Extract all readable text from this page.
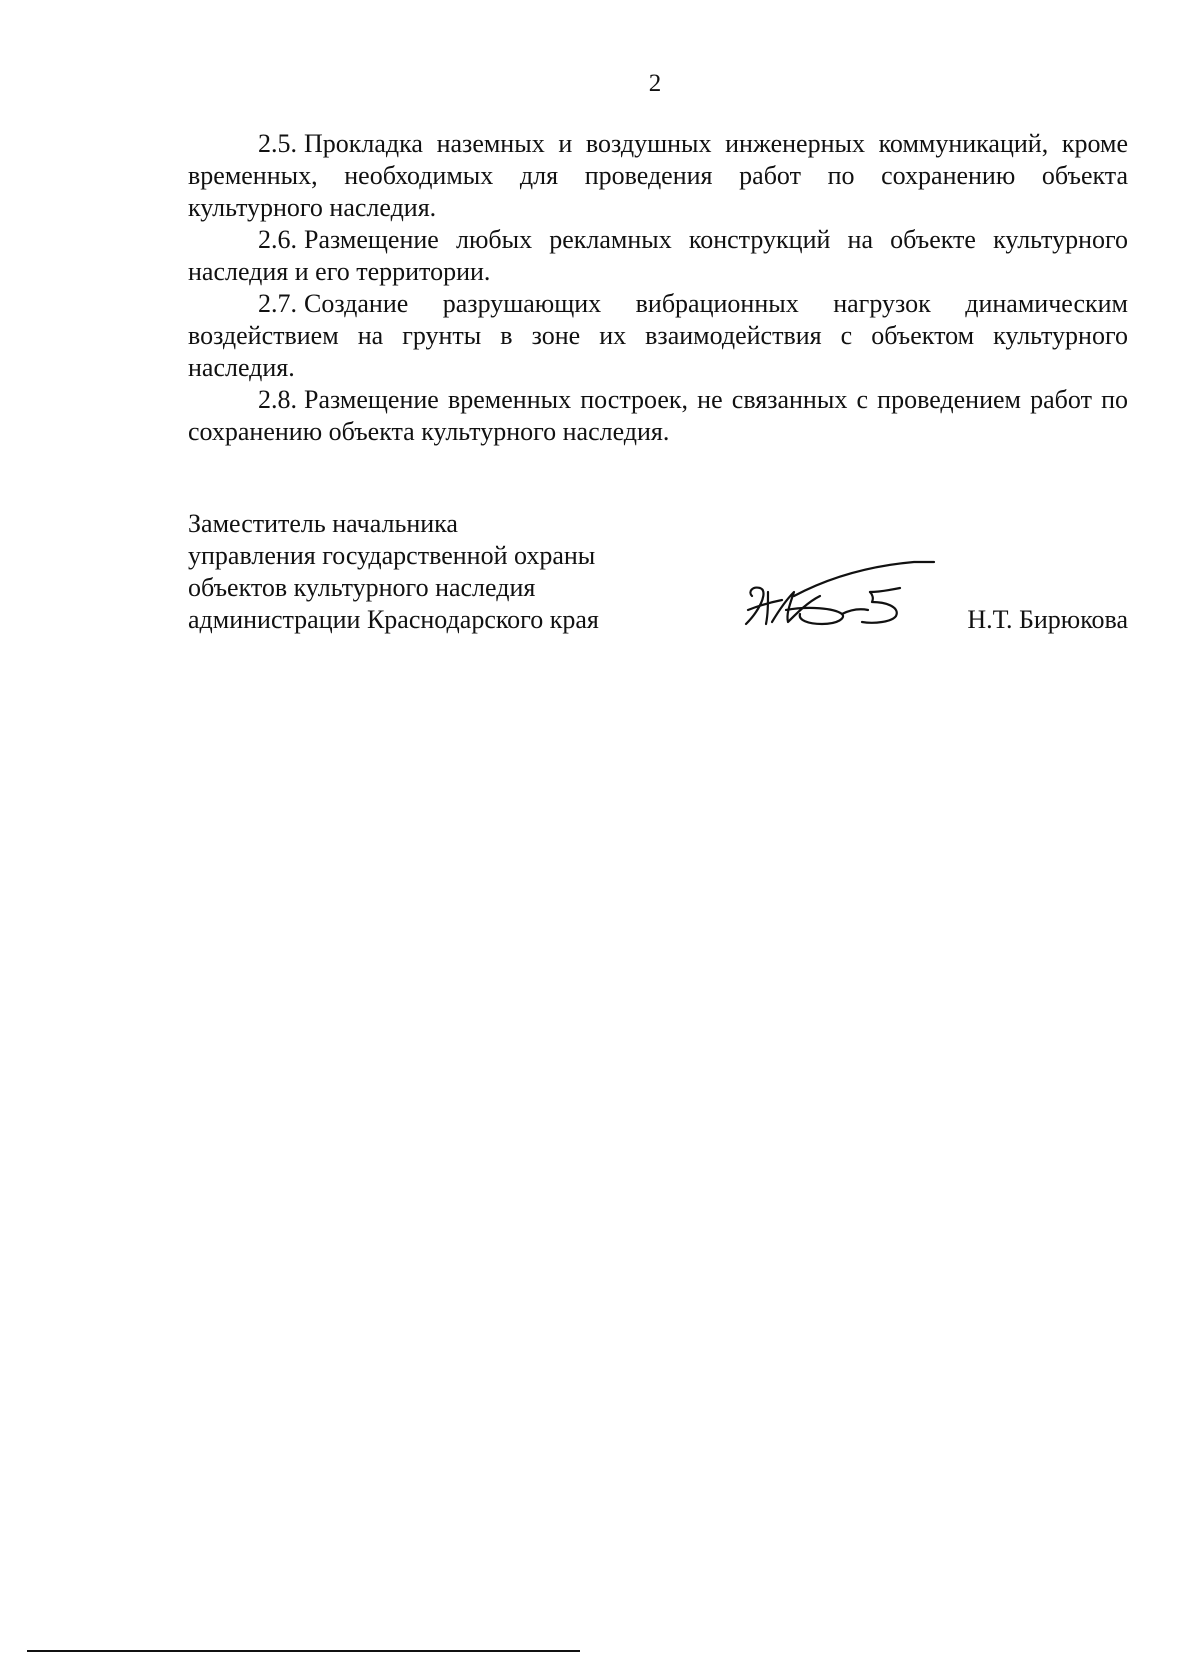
2

2.5. Прокладка наземных и воздушных инженерных коммуникаций, кроме временных, необходимых для проведения работ по сохранению объекта культурного наследия.

2.6. Размещение любых рекламных конструкций на объекте культурного наследия и его территории.

2.7. Создание разрушающих вибрационных нагрузок динамическим воздействием на грунты в зоне их взаимодействия с объектом культурного наследия.

2.8. Размещение временных построек, не связанных с проведением работ по сохранению объекта культурного наследия.

Заместитель начальника
управления государственной охраны
объектов культурного наследия
администрации Краснодарского края	Н.Т. Бирюкова
